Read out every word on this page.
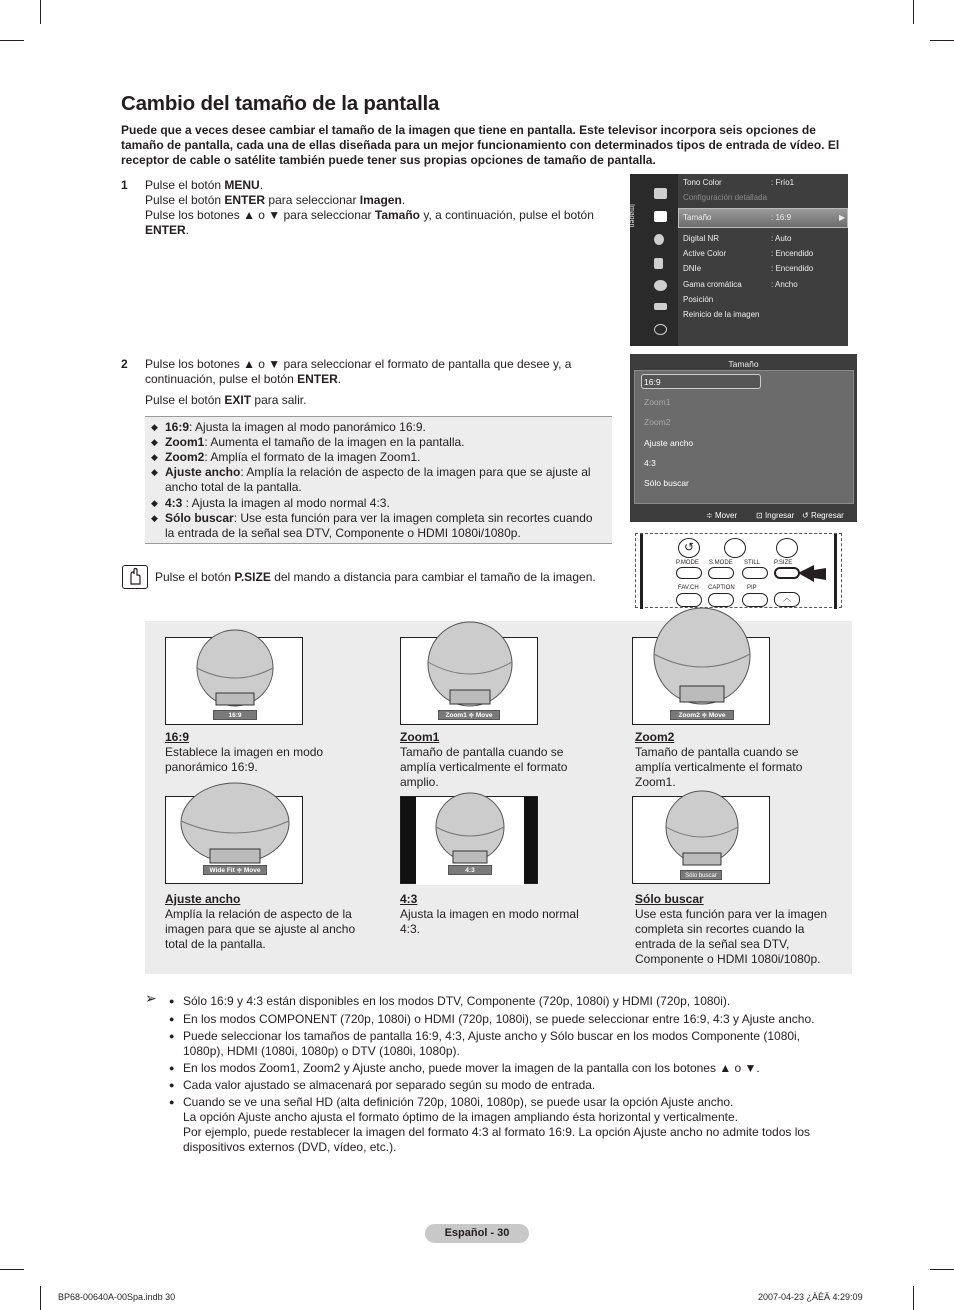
Cambio del tamaño de la pantalla
Puede que a veces desee cambiar el tamaño de la imagen que tiene en pantalla. Este televisor incorpora seis opciones de tamaño de pantalla, cada una de ellas diseñada para un mejor funcionamiento con determinados tipos de entrada de vídeo. El receptor de cable o satélite también puede tener sus propias opciones de tamaño de pantalla.
1 Pulse el botón MENU.
Pulse el botón ENTER para seleccionar Imagen.
Pulse los botones ▲ o ▼ para seleccionar Tamaño y, a continuación, pulse el botón
ENTER.
Imagen
Tono Color	: Frío1
Configuración detallada
Tamaño	: 16:9	▶
Digital NR	: Auto
Active Color	: Encendido
DNIe	: Encendido
Gama cromática	: Ancho
Posición
Reinicio de la imagen
2 Pulse los botones ▲ o ▼ para seleccionar el formato de pantalla que desee y, a
continuación, pulse el botón ENTER.
Pulse el botón EXIT para salir.
◆ 16:9: Ajusta la imagen al modo panorámico 16:9.
◆ Zoom1: Aumenta el tamaño de la imagen en la pantalla.
◆ Zoom2: Amplía el formato de la imagen Zoom1.
◆ Ajuste ancho: Amplía la relación de aspecto de la imagen para que se ajuste al ancho total de la pantalla.
◆ 4:3 : Ajusta la imagen al modo normal 4:3.
◆ Sólo buscar: Use esta función para ver la imagen completa sin recortes cuando la entrada de la señal sea DTV, Componente o HDMI 1080i/1080p.
Tamaño
16:9
Zoom1
Zoom2
Ajuste ancho
4:3
Sólo buscar
≑ Mover ⊡ Ingresar ↺ Regresar
Pulse el botón P.SIZE del mando a distancia para cambiar el tamaño de la imagen.
↺
P.MODE S.MODE STILL P.SIZE
FAV.CH CAPTION PIP
︿
16:9	Zoom1 ≑ Move	Zoom2 ≑ Move
16:9
Establece la imagen en modo panorámico 16:9.
Zoom1
Tamaño de pantalla cuando se amplía verticalmente el formato amplio.
Zoom2
Tamaño de pantalla cuando se amplía verticalmente el formato Zoom1.
Wide Fit ≑ Move	4:3
Sólo buscar
Ajuste ancho
Amplía la relación de aspecto de la imagen para que se ajuste al ancho total de la pantalla.
4:3
Ajusta la imagen en modo normal 4:3.
Sólo buscar
Use esta función para ver la imagen completa sin recortes cuando la entrada de la señal sea DTV, Componente o HDMI 1080i/1080p.
➢ ● Sólo 16:9 y 4:3 están disponibles en los modos DTV, Componente (720p, 1080i) y HDMI (720p, 1080i).
● En los modos COMPONENT (720p, 1080i) o HDMI (720p, 1080i), se puede seleccionar entre 16:9, 4:3 y Ajuste ancho.
● Puede seleccionar los tamaños de pantalla 16:9, 4:3, Ajuste ancho y Sólo buscar en los modos Componente (1080i, 1080p), HDMI (1080i, 1080p) o DTV (1080i, 1080p).
● En los modos Zoom1, Zoom2 y Ajuste ancho, puede mover la imagen de la pantalla con los botones ▲ o ▼.
● Cada valor ajustado se almacenará por separado según su modo de entrada.
● Cuando se ve una señal HD (alta definición 720p, 1080i, 1080p), se puede usar la opción Ajuste ancho.
La opción Ajuste ancho ajusta el formato óptimo de la imagen ampliando ésta horizontal y verticalmente.
Por ejemplo, puede restablecer la imagen del formato 4:3 al formato 16:9. La opción Ajuste ancho no admite todos los dispositivos externos (DVD, vídeo, etc.).
Español - 30
BP68-00640A-00Spa.indb 30	2007-04-23 ¿ÀÈÄ 4:29:09
